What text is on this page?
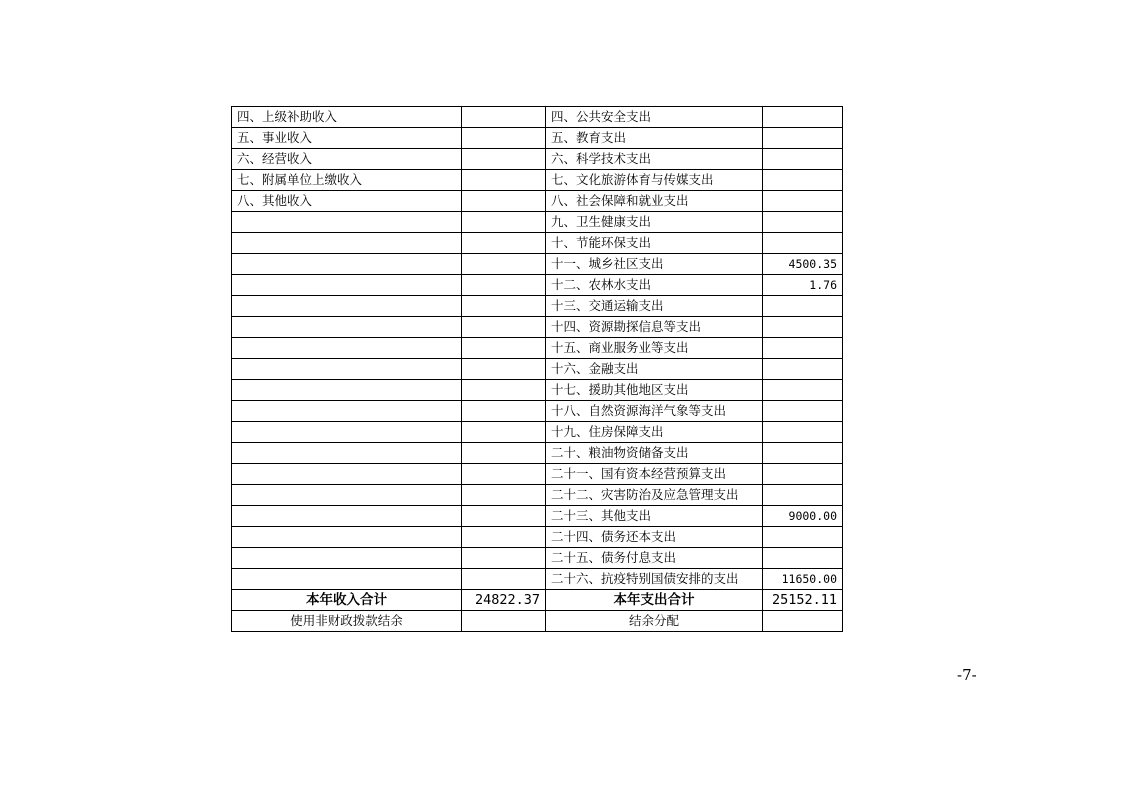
四、上级补助收入		四、公共安全支出	
五、事业收入		五、教育支出	
六、经营收入		六、科学技术支出	
七、附属单位上缴收入		七、文化旅游体育与传媒支出	
八、其他收入		八、社会保障和就业支出	
		九、卫生健康支出	
		十、节能环保支出	
		十一、城乡社区支出	4500.35
		十二、农林水支出	1.76
		十三、交通运输支出	
		十四、资源勘探信息等支出	
		十五、商业服务业等支出	
		十六、金融支出	
		十七、援助其他地区支出	
		十八、自然资源海洋气象等支出	
		十九、住房保障支出	
		二十、粮油物资储备支出	
		二十一、国有资本经营预算支出	
		二十二、灾害防治及应急管理支出	
		二十三、其他支出	9000.00
		二十四、债务还本支出	
		二十五、债务付息支出	
		二十六、抗疫特别国债安排的支出	11650.00
本年收入合计	24822.37	本年支出合计	25152.11
使用非财政拨款结余		结余分配	
-7-
